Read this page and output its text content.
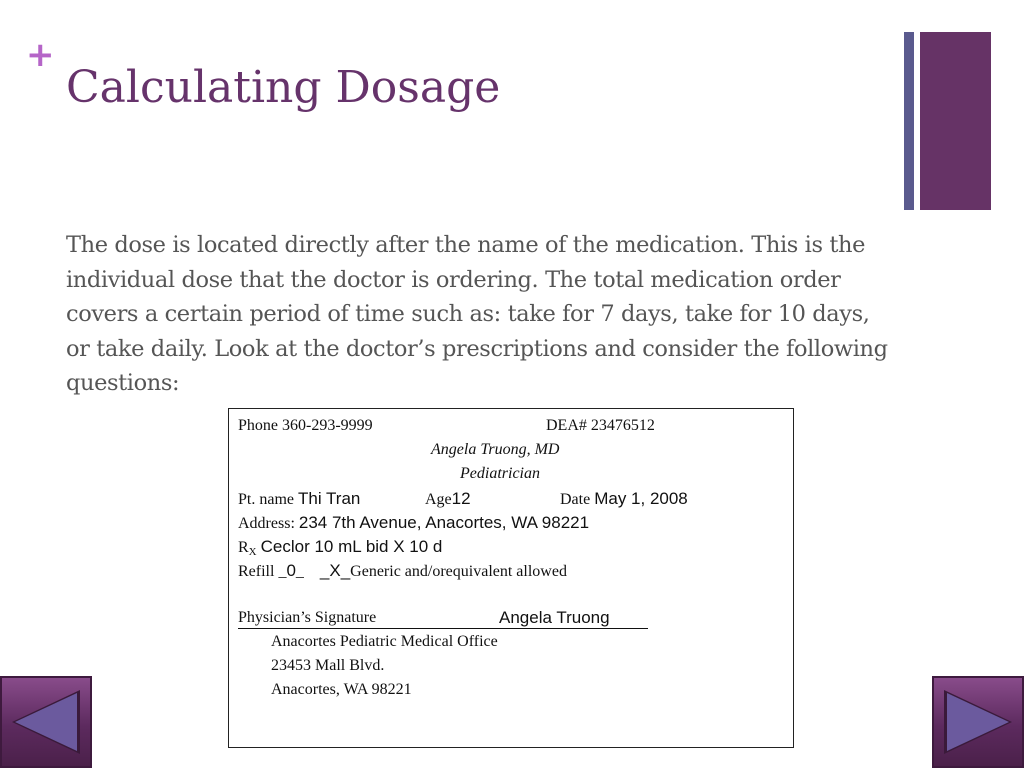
+
Calculating Dosage

The dose is located directly after the name of the medication. This is the individual dose that the doctor is ordering. The total medication order covers a certain period of time such as: take for 7 days, take for 10 days, or take daily. Look at the doctor’s prescriptions and consider the following questions:

Phone 360-293-9999	DEA# 23476512
Angela Truong, MD
Pediatrician
Pt. name Thi Tran	Age12	Date May 1, 2008
Address: 234 7th Avenue, Anacortes, WA 98221
$R_X$ Ceclor 10 mL bid X 10 d
Refill _0_ _X_Generic and/orequivalent allowed
Physician’s Signature	Angela Truong
Anacortes Pediatric Medical Office
23453 Mall Blvd.
Anacortes, WA 98221
